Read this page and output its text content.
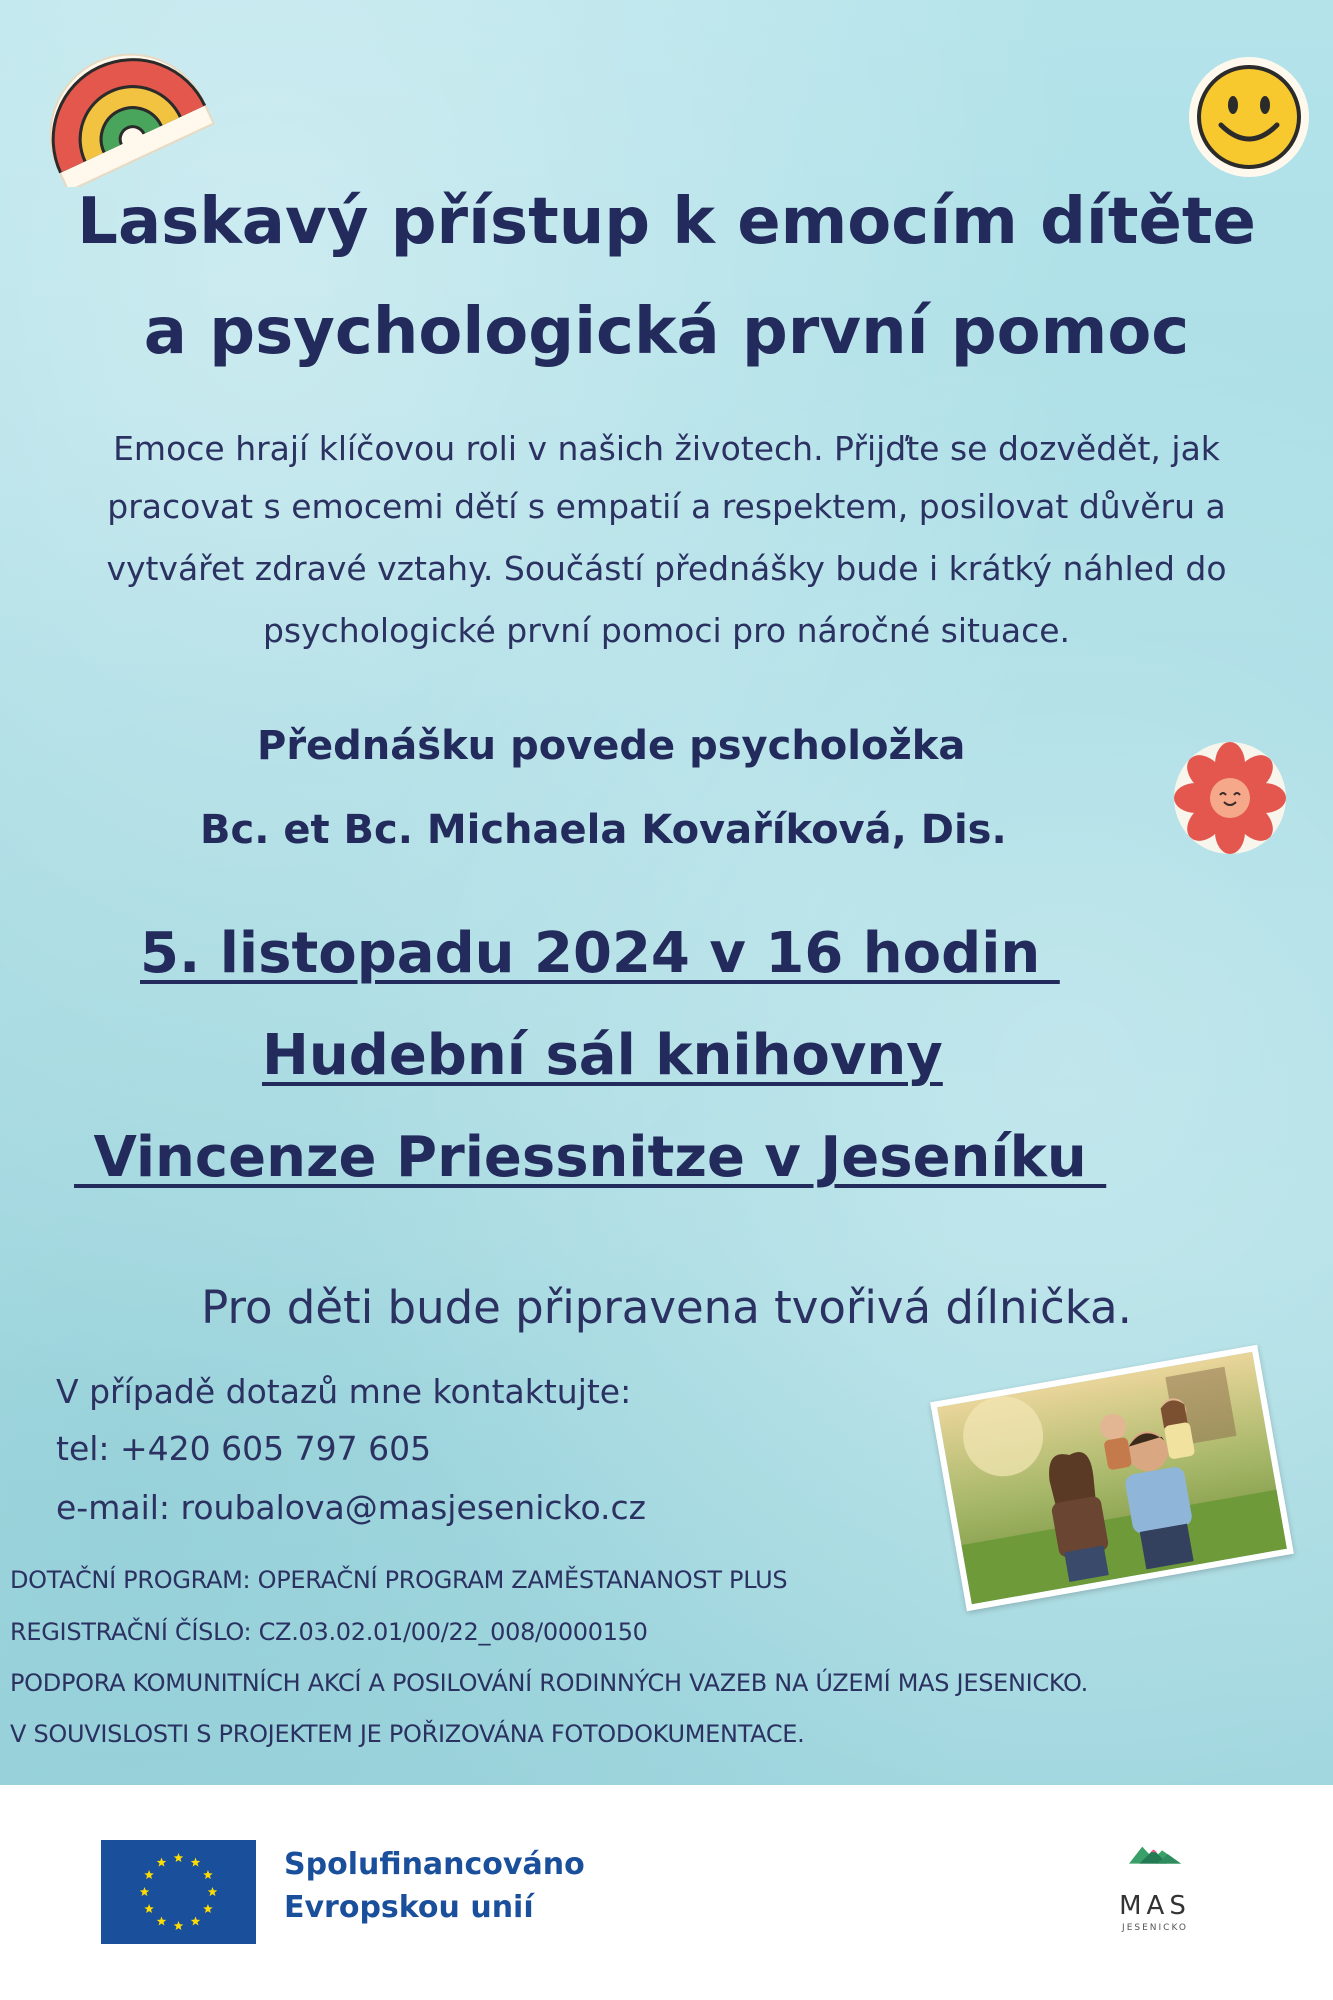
Laskavý přístup k emocím dítěte
a psychologická první pomoc
Emoce hrají klíčovou roli v našich životech. Přijďte se dozvědět, jak
pracovat s emocemi dětí s empatií a respektem, posilovat důvěru a
vytvářet zdravé vztahy. Součástí přednášky bude i krátký náhled do
psychologické první pomoci pro náročné situace.
Přednášku povede psycholožka
Bc. et Bc. Michaela Kovaříková, Dis.
5. listopadu 2024 v 16 hodin
Hudební sál knihovny
Vincenze Priessnitze v Jeseníku
Pro děti bude připravena tvořivá dílnička.
V případě dotazů mne kontaktujte:
tel: +420 605 797 605
e-mail: roubalova@masjesenicko.cz
DOTAČNÍ PROGRAM: OPERAČNÍ PROGRAM ZAMĚSTANANOST PLUS
REGISTRAČNÍ ČÍSLO: CZ.03.02.01/00/22_008/0000150
PODPORA KOMUNITNÍCH AKCÍ A POSILOVÁNÍ RODINNÝCH VAZEB NA ÚZEMÍ MAS JESENICKO.
V SOUVISLOSTI S PROJEKTEM JE POŘIZOVÁNA FOTODOKUMENTACE.
Spolufinancováno
Evropskou unií	MAS
JESENICKO
